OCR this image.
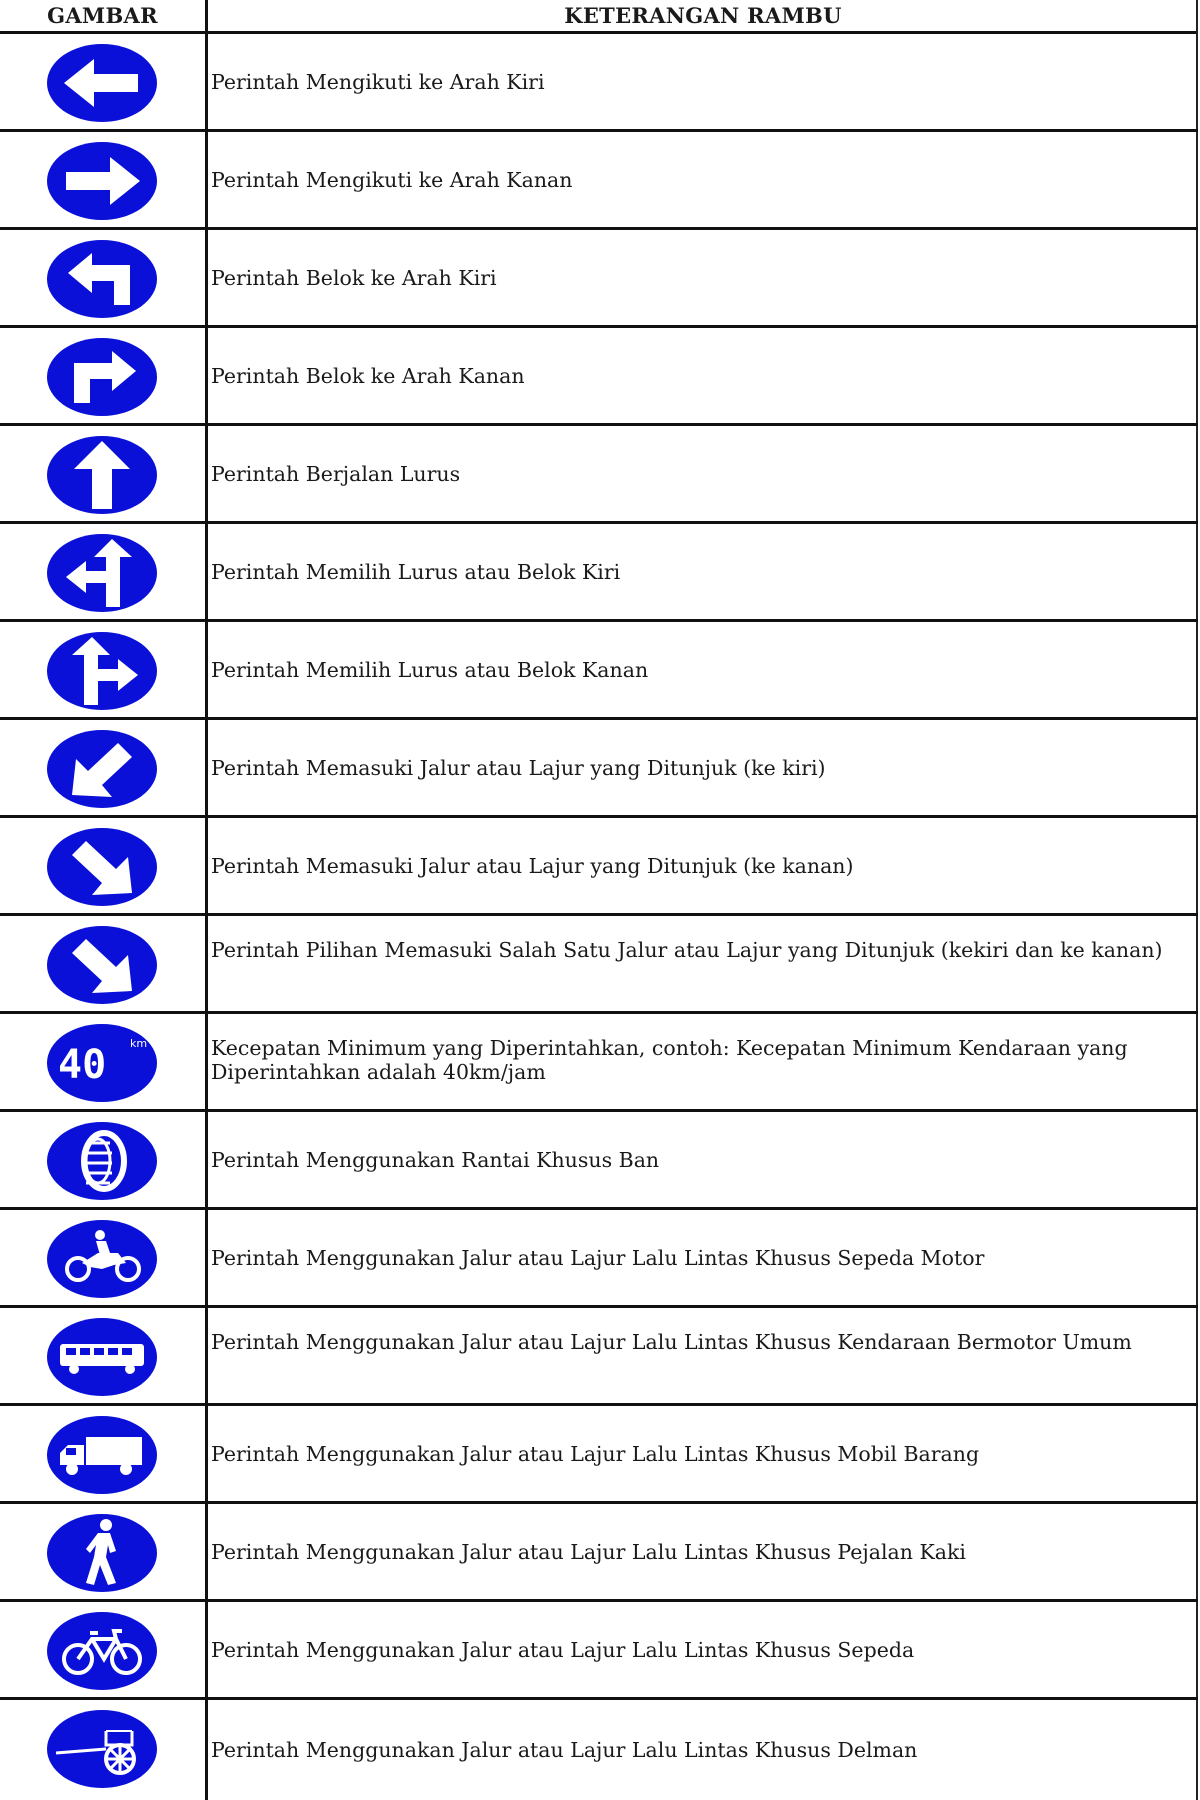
GAMBAR	KETERANGAN RAMBU
Perintah Mengikuti ke Arah Kiri
Perintah Mengikuti ke Arah Kanan
Perintah Belok ke Arah Kiri
Perintah Belok ke Arah Kanan
Perintah Berjalan Lurus
Perintah Memilih Lurus atau Belok Kiri
Perintah Memilih Lurus atau Belok Kanan
Perintah Memasuki Jalur atau Lajur yang Ditunjuk (ke kiri)
Perintah Memasuki Jalur atau Lajur yang Ditunjuk (ke kanan)
Perintah Pilihan Memasuki Salah Satu Jalur atau Lajur yang Ditunjuk (kekiri dan ke kanan)
40 km	Kecepatan Minimum yang Diperintahkan, contoh: Kecepatan Minimum Kendaraan yang Diperintahkan adalah 40km/jam
Perintah Menggunakan Rantai Khusus Ban
Perintah Menggunakan Jalur atau Lajur Lalu Lintas Khusus Sepeda Motor
Perintah Menggunakan Jalur atau Lajur Lalu Lintas Khusus Kendaraan Bermotor Umum
Perintah Menggunakan Jalur atau Lajur Lalu Lintas Khusus Mobil Barang
Perintah Menggunakan Jalur atau Lajur Lalu Lintas Khusus Pejalan Kaki
Perintah Menggunakan Jalur atau Lajur Lalu Lintas Khusus Sepeda
Perintah Menggunakan Jalur atau Lajur Lalu Lintas Khusus Delman
